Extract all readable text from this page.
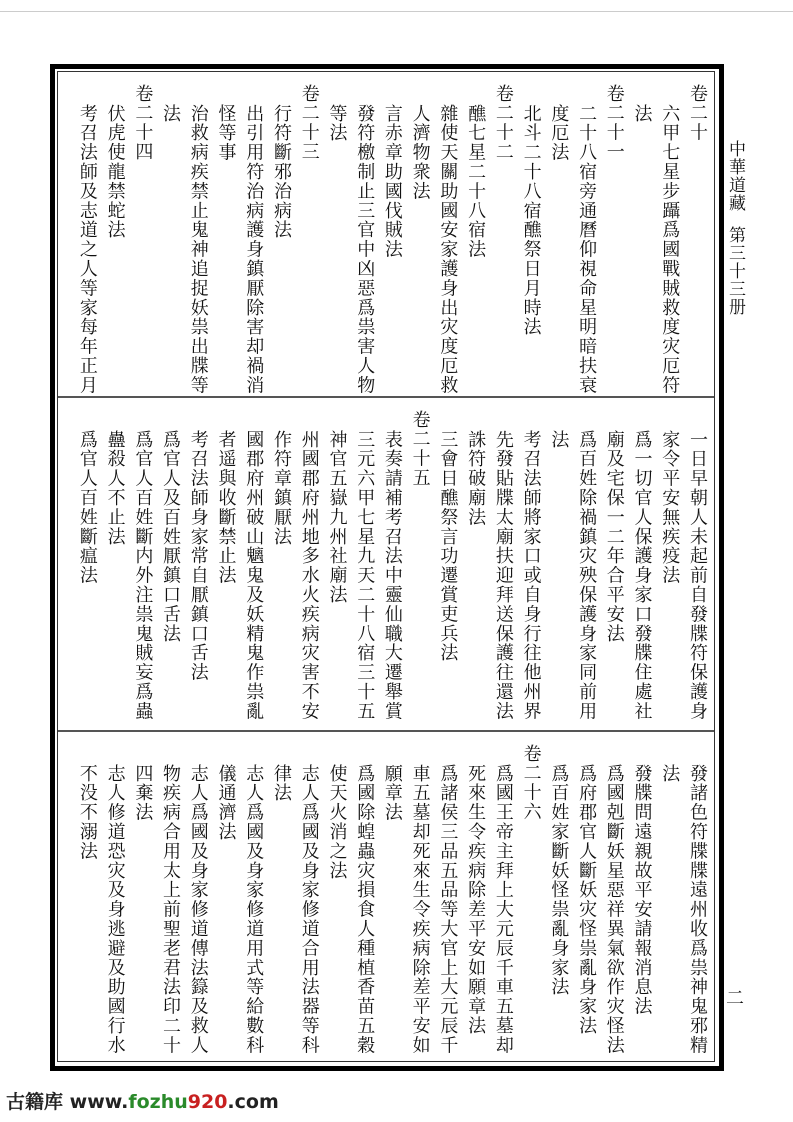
卷二十
六甲七星步躡爲國戰賊救度灾厄符
法
卷二十一
二十八宿旁通曆仰視命星明暗扶衰
度厄法
北斗二十八宿醮祭日月時法
卷二十二
醮七星二十八宿法
雜使天關助國安家護身出灾度厄救
人濟物衆法
言赤章助國伐賊法
發符檄制止三官中凶惡爲祟害人物
等法
卷二十三
行符斷邪治病法
出引用符治病護身鎮厭除害却禍消
怪等事
治救病疾禁止鬼神追捉妖祟出牒等
法
卷二十四
伏虎使龍禁蛇法
考召法師及志道之人等家每年正月
一日早朝人未起前自發牒符保護身
家令平安無疾疫法
爲一切官人保護身家口發牒住處社
廟及宅保一二年合平安法
爲百姓除禍鎮灾殃保護身家同前用
法
考召法師將家口或自身行往他州界
先發貼牒太廟扶迎拜送保護往還法
誅符破廟法
三會日醮祭言功遷賞吏兵法
卷二十五
表奏請補考召法中靈仙職大遷舉賞
三元六甲七星九天二十八宿三十五
神官五嶽九州社廟法
州國郡府州地多水火疾病灾害不安
作符章鎮厭法
國郡府州破山魑鬼及妖精鬼作祟亂
者遥與收斷禁止法
考召法師身家常自厭鎮口舌法
爲官人及百姓厭鎮口舌法
爲官人百姓斷内外注祟鬼賊妄爲蟲
蠱殺人不止法
爲官人百姓斷瘟法
發諸色符牒牒遠州收爲祟神鬼邪精
法
發牒問遠親故平安請報消息法
爲國剋斷妖星惡祥異氣欲作灾怪法
爲府郡官人斷妖灾怪祟亂身家法
爲百姓家斷妖怪祟亂身家法
卷二十六
爲國王帝主拜上大元辰千車五墓却
死來生令疾病除差平安如願章法
爲諸侯三品五品等大官上大元辰千
車五墓却死來生令疾病除差平安如
願章法
爲國除蝗蟲灾損食人種植香苗五穀
使天火消之法
志人爲國及身家修道合用法器等科
律法
志人爲國及身家修道用式等給數科
儀通濟法
志人爲國及身家修道傳法籙及救人
物疾病合用太上前聖老君法印二十
四棄法
志人修道恐灾及身逃避及助國行水
不没不溺法
中華道藏第三十三册
二
古籍库 www.fozhu920.com
